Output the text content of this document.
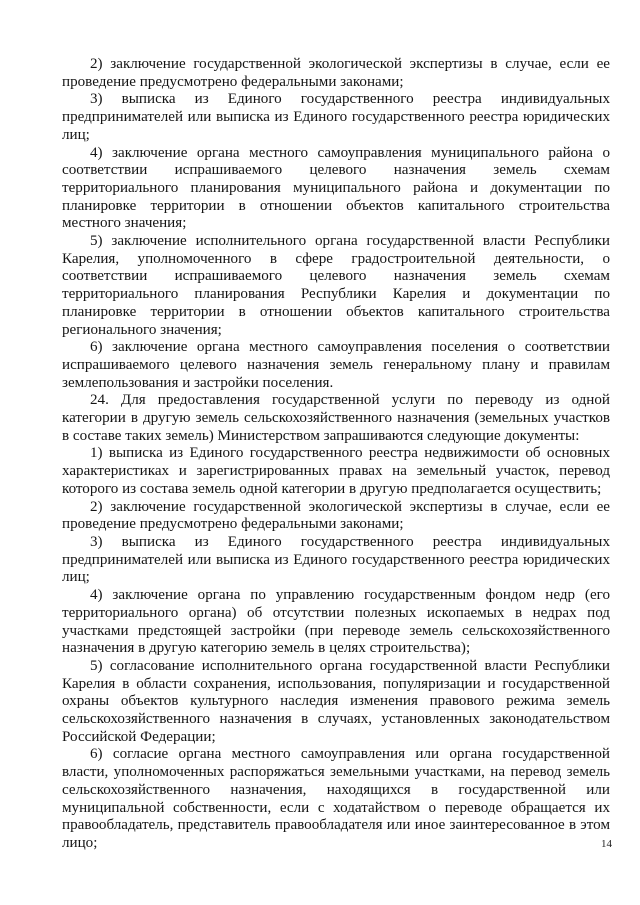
2) заключение государственной экологической экспертизы в случае, если ее проведение предусмотрено федеральными законами;

3) выписка из Единого государственного реестра индивидуальных предпринимателей или выписка из Единого государственного реестра юридических лиц;

4) заключение органа местного самоуправления муниципального района о соответствии испрашиваемого целевого назначения земель схемам территориального планирования муниципального района и документации по планировке территории в отношении объектов капитального строительства местного значения;

5) заключение исполнительного органа государственной власти Республики Карелия, уполномоченного в сфере градостроительной деятельности, о соответствии испрашиваемого целевого назначения земель схемам территориального планирования Республики Карелия и документации по планировке территории в отношении объектов капитального строительства регионального значения;

6) заключение органа местного самоуправления поселения о соответствии испрашиваемого целевого назначения земель генеральному плану и правилам землепользования и застройки поселения.

24. Для предоставления государственной услуги по переводу из одной категории в другую земель сельскохозяйственного назначения (земельных участков в составе таких земель) Министерством запрашиваются следующие документы:

1) выписка из Единого государственного реестра недвижимости об основных характеристиках и зарегистрированных правах на земельный участок, перевод которого из состава земель одной категории в другую предполагается осуществить;

2) заключение государственной экологической экспертизы в случае, если ее проведение предусмотрено федеральными законами;

3) выписка из Единого государственного реестра индивидуальных предпринимателей или выписка из Единого государственного реестра юридических лиц;

4) заключение органа по управлению государственным фондом недр (его территориального органа) об отсутствии полезных ископаемых в недрах под участками предстоящей застройки (при переводе земель сельскохозяйственного назначения в другую категорию земель в целях строительства);

5) согласование исполнительного органа государственной власти Республики Карелия в области сохранения, использования, популяризации и государственной охраны объектов культурного наследия изменения правового режима земель сельскохозяйственного назначения в случаях, установленных законодательством Российской Федерации;

6) согласие органа местного самоуправления или органа государственной власти, уполномоченных распоряжаться земельными участками, на перевод земель сельскохозяйственного назначения, находящихся в государственной или муниципальной собственности, если с ходатайством о переводе обращается их правообладатель, представитель правообладателя или иное заинтересованное в этом лицо;	14
